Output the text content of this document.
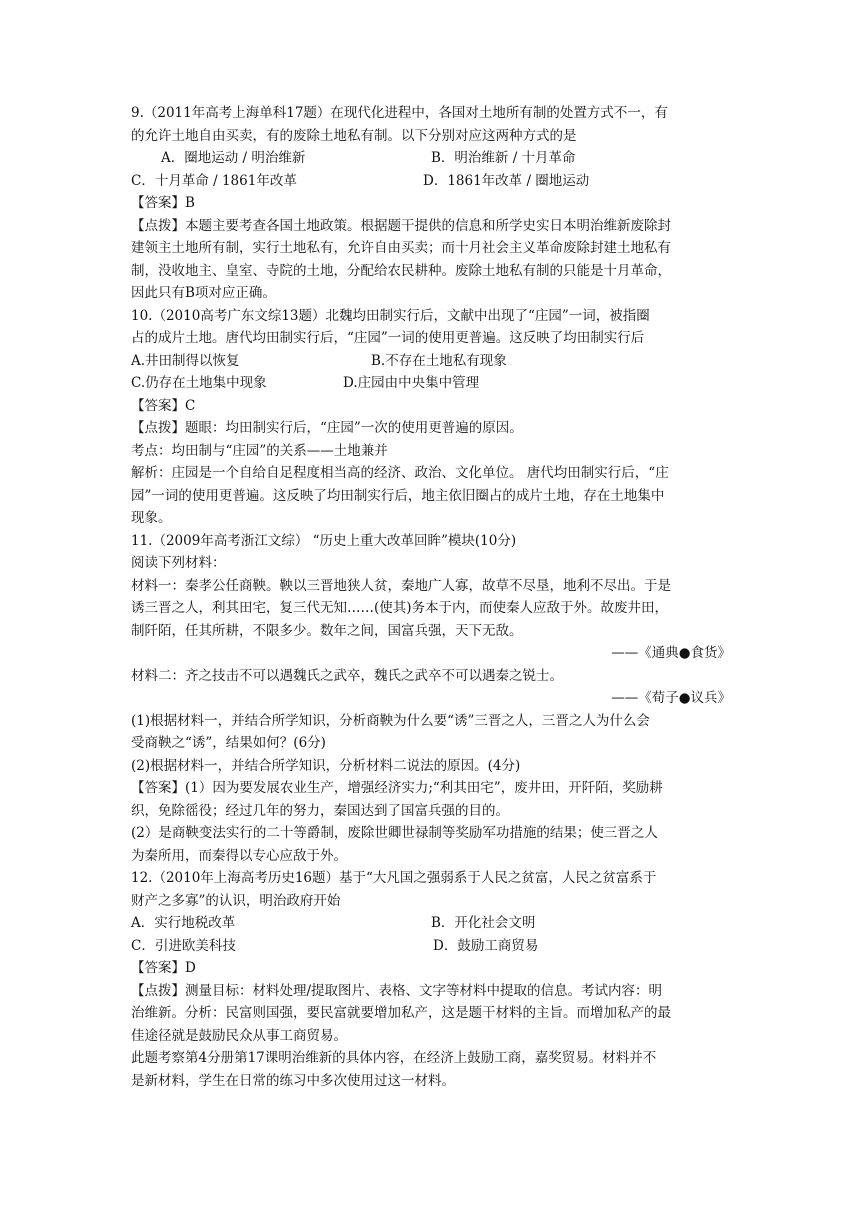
9.（2011年高考上海单科17题）在现代化进程中，各国对土地所有制的处置方式不一，有
的允许土地自由买卖，有的废除土地私有制。以下分别对应这两种方式的是
A．圈地运动 / 明治维新	B．明治维新 / 十月革命
C．十月革命 / 1861年改革	D．1861年改革 / 圈地运动
【答案】B
【点拨】本题主要考查各国土地政策。根据题干提供的信息和所学史实日本明治维新废除封
建领主土地所有制，实行土地私有，允许自由买卖；而十月社会主义革命废除封建土地私有
制，没收地主、皇室、寺院的土地，分配给农民耕种。废除土地私有制的只能是十月革命，
因此只有B项对应正确。
10.（2010高考广东文综13题）北魏均田制实行后，文献中出现了“庄园”一词，被指圈
占的成片土地。唐代均田制实行后，“庄园”一词的使用更普遍。这反映了均田制实行后
A.井田制得以恢复	B.不存在土地私有现象
C.仍存在土地集中现象	D.庄园由中央集中管理
【答案】C
【点拨】题眼：均田制实行后，“庄园”一次的使用更普遍的原因。
考点：均田制与“庄园”的关系——土地兼并
解析：庄园是一个自给自足程度相当高的经济、政治、文化单位。 唐代均田制实行后，“庄
园”一词的使用更普遍。这反映了均田制实行后，地主依旧圈占的成片土地，存在土地集中
现象。
11.（2009年高考浙江文综） “历史上重大改革回眸”模块(10分)
阅读下列材料：
材料一：秦孝公任商鞅。鞅以三晋地狭人贫，秦地广人寡，故草不尽垦，地利不尽出。于是
诱三晋之人，利其田宅，复三代无知……(使其)务本于内，而使秦人应敌于外。故废井田，
制阡陌，任其所耕，不限多少。数年之间，国富兵强，天下无敌。
——《通典●食货》
材料二：齐之技击不可以遇魏氏之武卒，魏氏之武卒不可以遇秦之锐士。
——《荀子●议兵》
(1)根据材料一，并结合所学知识，分析商鞅为什么要“诱”三晋之人，三晋之人为什么会
受商鞅之“诱”，结果如何？(6分)
(2)根据材料一，并结合所学知识，分析材料二说法的原因。(4分)
【答案】(1）因为要发展农业生产，增强经济实力;“利其田宅”，废井田，开阡陌，奖励耕
织，免除徭役；经过几年的努力，秦国达到了国富兵强的目的。
(2）是商鞅变法实行的二十等爵制，废除世卿世禄制等奖励军功措施的结果；使三晋之人
为秦所用，而秦得以专心应敌于外。
12.（2010年上海高考历史16题）基于“大凡国之强弱系于人民之贫富，人民之贫富系于
财产之多寡”的认识，明治政府开始
A．实行地税改革	B．开化社会文明
C．引进欧美科技	D．鼓励工商贸易
【答案】D
【点拨】测量目标：材料处理/提取图片、表格、文字等材料中提取的信息。考试内容：明
治维新。分析：民富则国强，要民富就要增加私产，这是题干材料的主旨。而增加私产的最
佳途径就是鼓励民众从事工商贸易。
此题考察第4分册第17课明治维新的具体内容，在经济上鼓励工商，嘉奖贸易。材料并不
是新材料，学生在日常的练习中多次使用过这一材料。
